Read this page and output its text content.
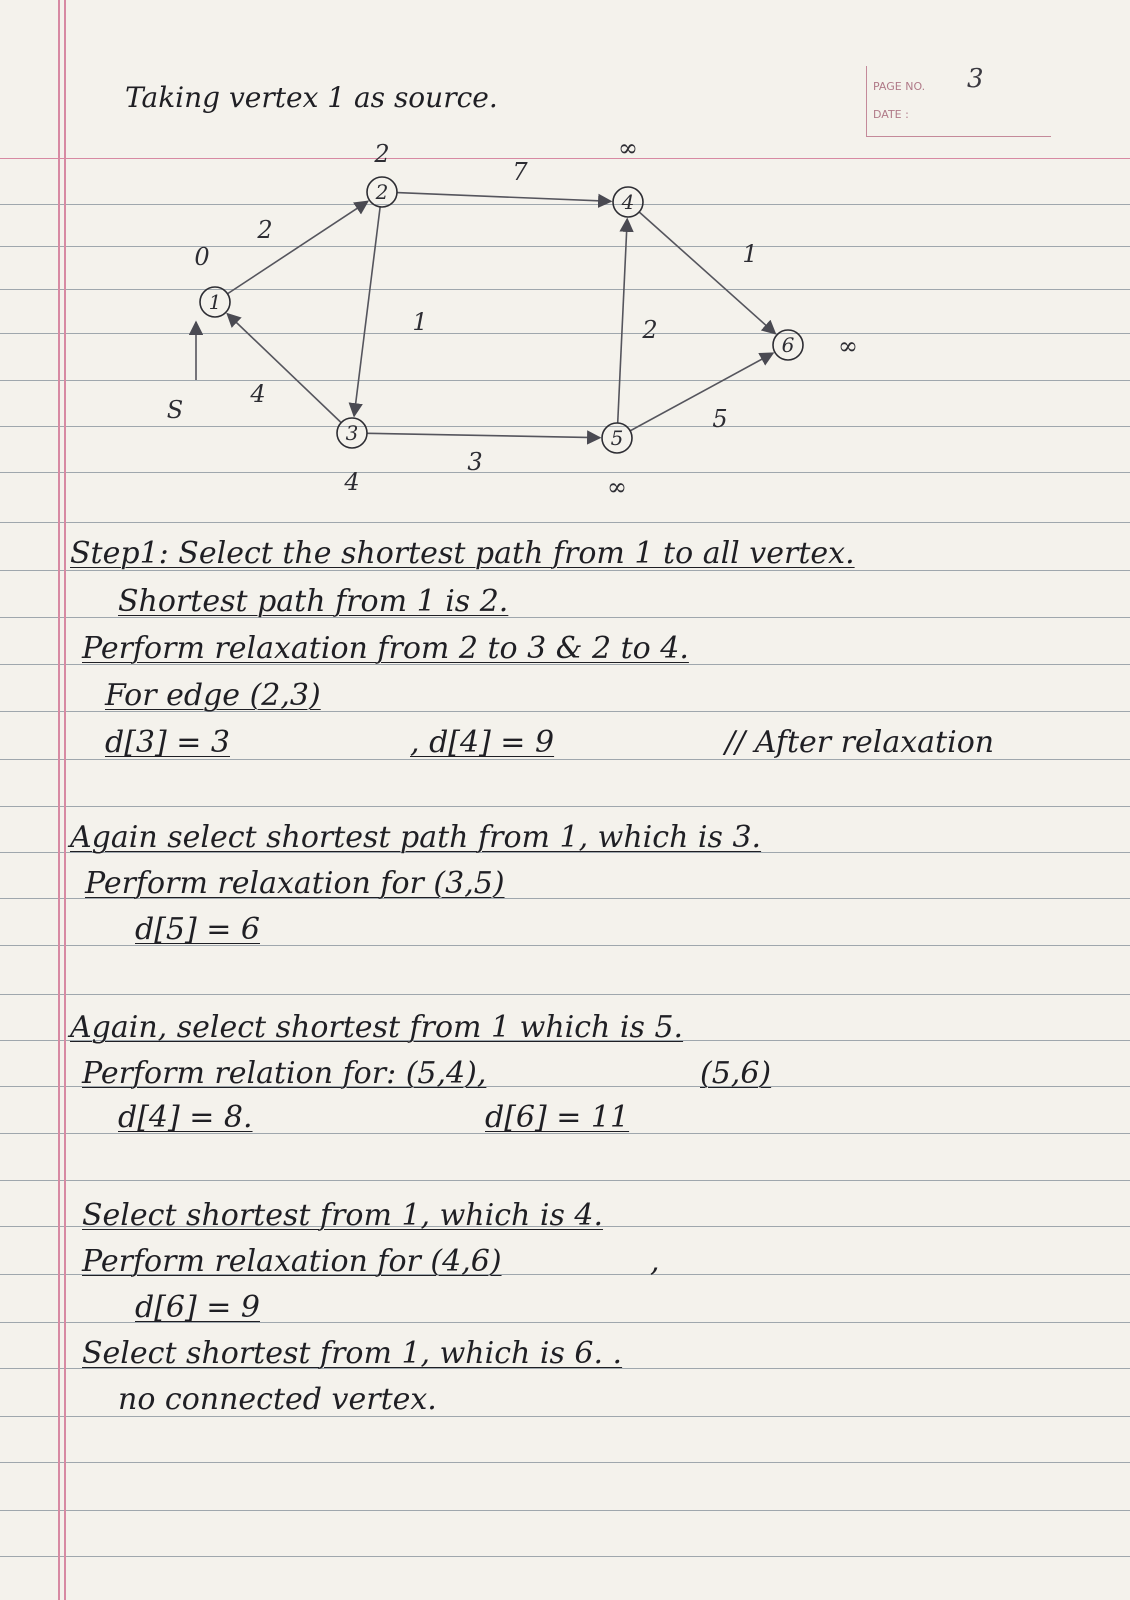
PAGE NO. 3
DATE :
Taking vertex 1 as source.
2
1
4
7
3
2
1
5
S
1
0
2
2
3
4
4
∞
5
∞
6 ∞
Step1: Select the shortest path from 1 to all vertex.
Shortest path from 1 is 2.
Perform relaxation from 2 to 3 & 2 to 4.
For edge (2,3)
d[3] = 3	, d[4] = 9	// After relaxation
Again select shortest path from 1, which is 3.
Perform relaxation for (3,5)
d[5] = 6
Again, select shortest from 1 which is 5.
Perform relation for: (5,4),	(5,6)
d[4] = 8.	d[6] = 11
Select shortest from 1, which is 4.
Perform relaxation for (4,6)	,
d[6] = 9
Select shortest from 1, which is 6. .
no connected vertex.
